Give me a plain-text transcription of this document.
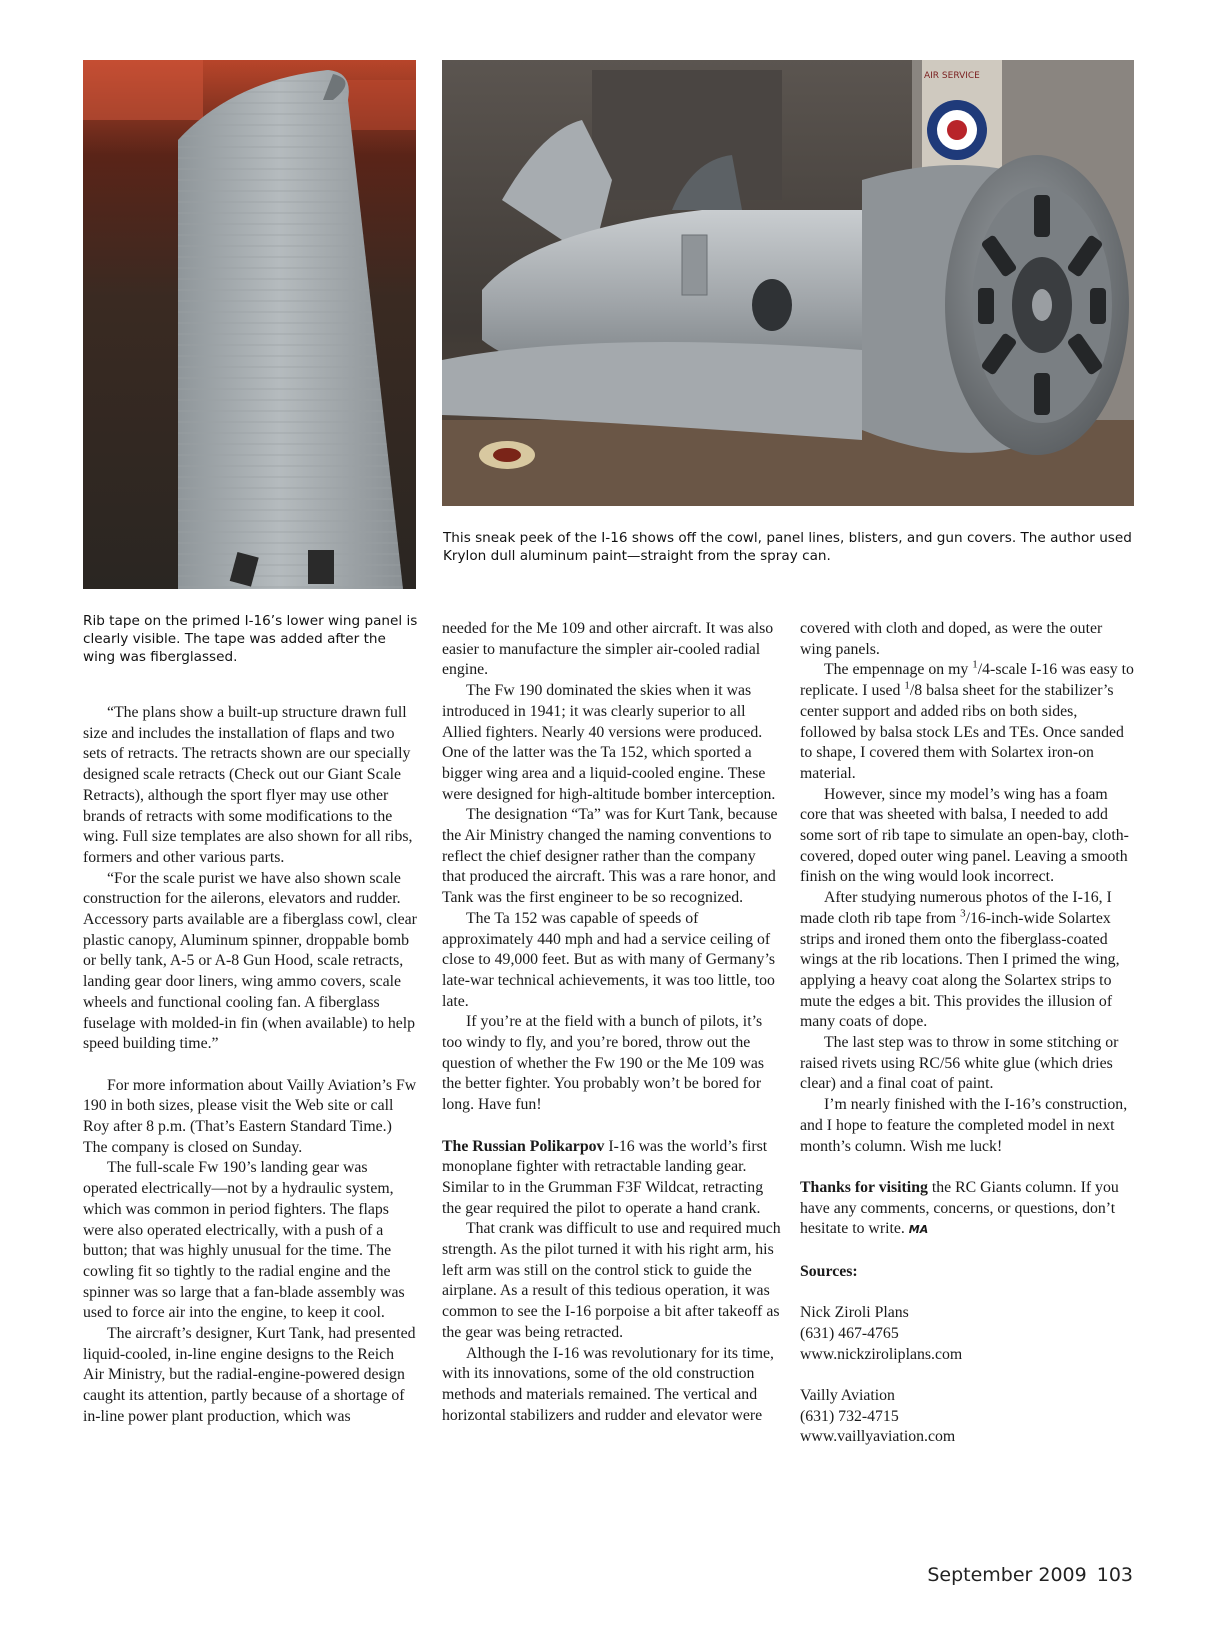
AIR SERVICE
This sneak peek of the I-16 shows off the cowl, panel lines, blisters, and gun covers. The author used Krylon dull aluminum paint—straight from the spray can.
Rib tape on the primed I-16’s lower wing panel is clearly visible. The tape was added after the wing was fiberglassed.

“The plans show a built-up structure drawn full size and includes the installation of flaps and two sets of retracts. The retracts shown are our specially designed scale retracts (Check out our Giant Scale Retracts), although the sport flyer may use other brands of retracts with some modifications to the wing. Full size templates are also shown for all ribs, formers and other various parts.

“For the scale purist we have also shown scale construction for the ailerons, elevators and rudder. Accessory parts available are a fiberglass cowl, clear plastic canopy, Aluminum spinner, droppable bomb or belly tank, A-5 or A-8 Gun Hood, scale retracts, landing gear door liners, wing ammo covers, scale wheels and functional cooling fan. A fiberglass fuselage with molded-in fin (when available) to help speed building time.”

For more information about Vailly Aviation’s Fw 190 in both sizes, please visit the Web site or call Roy after 8 p.m. (That’s Eastern Standard Time.) The company is closed on Sunday.

The full-scale Fw 190’s landing gear was operated electrically—not by a hydraulic system, which was common in period fighters. The flaps were also operated electrically, with a push of a button; that was highly unusual for the time. The cowling fit so tightly to the radial engine and the spinner was so large that a fan-blade assembly was used to force air into the engine, to keep it cool.

The aircraft’s designer, Kurt Tank, had presented liquid-cooled, in-line engine designs to the Reich Air Ministry, but the radial-engine-powered design caught its attention, partly because of a shortage of in-line power plant production, which was

needed for the Me 109 and other aircraft. It was also easier to manufacture the simpler air-cooled radial engine.

The Fw 190 dominated the skies when it was introduced in 1941; it was clearly superior to all Allied fighters. Nearly 40 versions were produced. One of the latter was the Ta 152, which sported a bigger wing area and a liquid-cooled engine. These were designed for high-altitude bomber interception.

The designation “Ta” was for Kurt Tank, because the Air Ministry changed the naming conventions to reflect the chief designer rather than the company that produced the aircraft. This was a rare honor, and Tank was the first engineer to be so recognized.

The Ta 152 was capable of speeds of approximately 440 mph and had a service ceiling of close to 49,000 feet. But as with many of Germany’s late-war technical achievements, it was too little, too late.

If you’re at the field with a bunch of pilots, it’s too windy to fly, and you’re bored, throw out the question of whether the Fw 190 or the Me 109 was the better fighter. You probably won’t be bored for long. Have fun!

The Russian Polikarpov I-16 was the world’s first monoplane fighter with retractable landing gear. Similar to in the Grumman F3F Wildcat, retracting the gear required the pilot to operate a hand crank.

That crank was difficult to use and required much strength. As the pilot turned it with his right arm, his left arm was still on the control stick to guide the airplane. As a result of this tedious operation, it was common to see the I-16 porpoise a bit after takeoff as the gear was being retracted.

Although the I-16 was revolutionary for its time, with its innovations, some of the old construction methods and materials remained. The vertical and horizontal stabilizers and rudder and elevator were

covered with cloth and doped, as were the outer wing panels.

The empennage on my $^1$/4-scale I-16 was easy to replicate. I used $^1$/8 balsa sheet for the stabilizer’s center support and added ribs on both sides, followed by balsa stock LEs and TEs. Once sanded to shape, I covered them with Solartex iron-on material.

However, since my model’s wing has a foam core that was sheeted with balsa, I needed to add some sort of rib tape to simulate an open-bay, cloth-covered, doped outer wing panel. Leaving a smooth finish on the wing would look incorrect.

After studying numerous photos of the I-16, I made cloth rib tape from $^3$/16-inch-wide Solartex strips and ironed them onto the fiberglass-coated wings at the rib locations. Then I primed the wing, applying a heavy coat along the Solartex strips to mute the edges a bit. This provides the illusion of many coats of dope.

The last step was to throw in some stitching or raised rivets using RC/56 white glue (which dries clear) and a final coat of paint.

I’m nearly finished with the I-16’s construction, and I hope to feature the completed model in next month’s column. Wish me luck!

Thanks for visiting the RC Giants column. If you have any comments, concerns, or questions, don’t hesitate to write. MA

Sources:

Nick Ziroli Plans
(631) 467-4765
www.nickziroliplans.com
Vailly Aviation
(631) 732-4715
www.vaillyaviation.com
September 2009 103
